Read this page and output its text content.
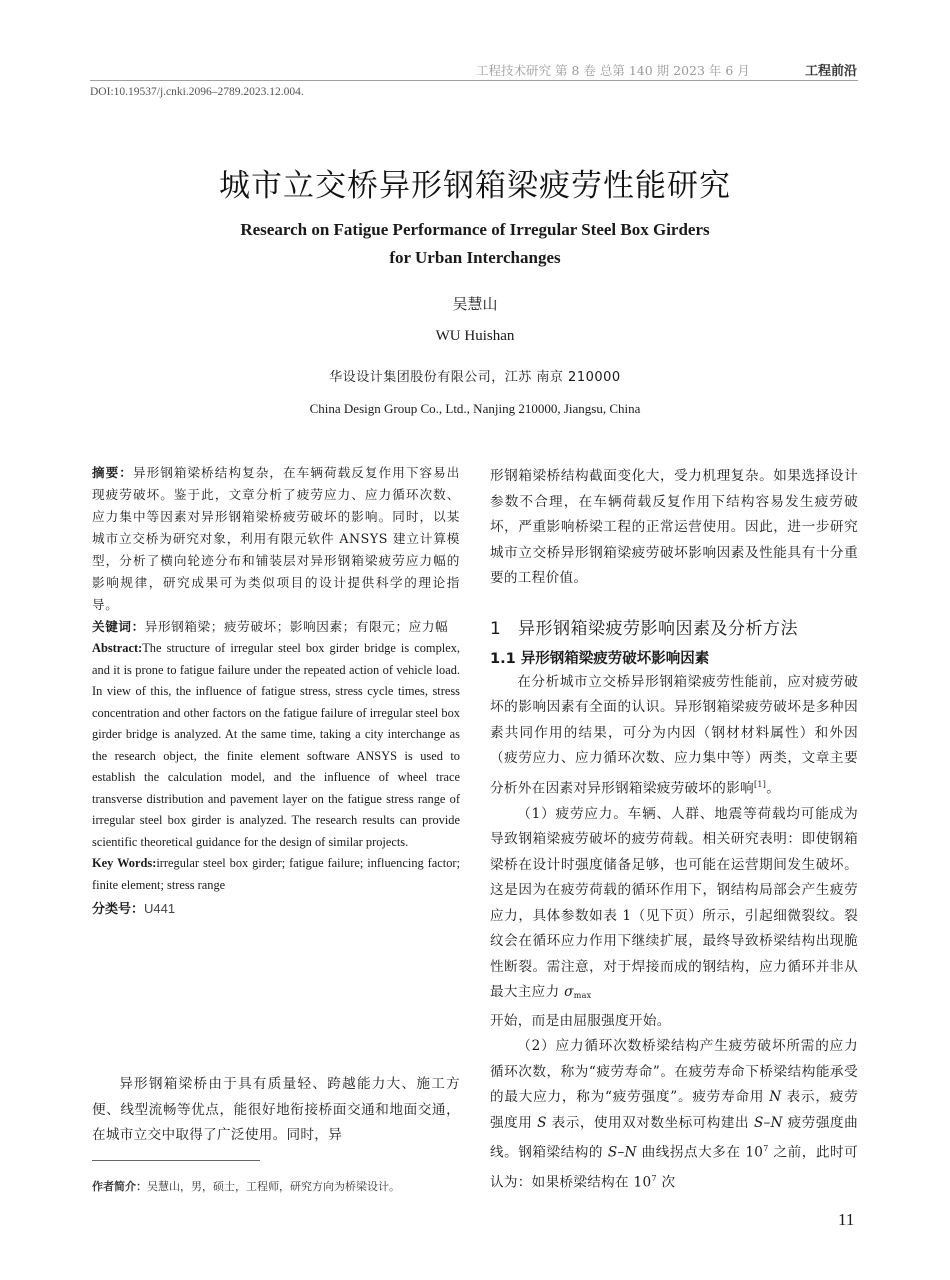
工程技术研究 第 8 卷 总第 140 期 2023 年 6 月	工程前沿
DOI:10.19537/j.cnki.2096–2789.2023.12.004.
城市立交桥异形钢箱梁疲劳性能研究
Research on Fatigue Performance of Irregular Steel Box Girders
for Urban Interchanges
吴慧山
WU Huishan
华设设计集团股份有限公司，江苏 南京 210000
China Design Group Co., Ltd., Nanjing 210000, Jiangsu, China

摘要：异形钢箱梁桥结构复杂，在车辆荷载反复作用下容易出现疲劳破坏。鉴于此，文章分析了疲劳应力、应力循环次数、应力集中等因素对异形钢箱梁桥疲劳破坏的影响。同时，以某城市立交桥为研究对象，利用有限元软件 ANSYS 建立计算模型，分析了横向轮迹分布和铺装层对异形钢箱梁疲劳应力幅的影响规律，研究成果可为类似项目的设计提供科学的理论指导。

关键词：异形钢箱梁；疲劳破坏；影响因素；有限元；应力幅

Abstract:The structure of irregular steel box girder bridge is complex, and it is prone to fatigue failure under the repeated action of vehicle load. In view of this, the influence of fatigue stress, stress cycle times, stress concentration and other factors on the fatigue failure of irregular steel box girder bridge is analyzed. At the same time, taking a city interchange as the research object, the finite element software ANSYS is used to establish the calculation model, and the influence of wheel trace transverse distribution and pavement layer on the fatigue stress range of irregular steel box girder is analyzed. The research results can provide scientific theoretical guidance for the design of similar projects.

Key Words:irregular steel box girder; fatigue failure; influencing factor; finite element; stress range

分类号：U441

异形钢箱梁桥由于具有质量轻、跨越能力大、施工方便、线型流畅等优点，能很好地衔接桥面交通和地面交通，在城市立交中取得了广泛使用。同时，异

作者简介：吴慧山，男，硕士，工程师，研究方向为桥梁设计。

形钢箱梁桥结构截面变化大，受力机理复杂。如果选择设计参数不合理，在车辆荷载反复作用下结构容易发生疲劳破坏，严重影响桥梁工程的正常运营使用。因此，进一步研究城市立交桥异形钢箱梁疲劳破坏影响因素及性能具有十分重要的工程价值。

1 异形钢箱梁疲劳影响因素及分析方法
1.1 异形钢箱梁疲劳破坏影响因素

在分析城市立交桥异形钢箱梁疲劳性能前，应对疲劳破坏的影响因素有全面的认识。异形钢箱梁疲劳破坏是多种因素共同作用的结果，可分为内因（钢材材料属性）和外因（疲劳应力、应力循环次数、应力集中等）两类，文章主要分析外在因素对异形钢箱梁疲劳破坏的影响[1]。

（1）疲劳应力。车辆、人群、地震等荷载均可能成为导致钢箱梁疲劳破坏的疲劳荷载。相关研究表明：即使钢箱梁桥在设计时强度储备足够，也可能在运营期间发生破坏。这是因为在疲劳荷载的循环作用下，钢结构局部会产生疲劳应力，具体参数如表 1（见下页）所示，引起细微裂纹。裂纹会在循环应力作用下继续扩展，最终导致桥梁结构出现脆性断裂。需注意，对于焊接而成的钢结构，应力循环并非从最大主应力 $\sigma_{max}$
开始，而是由屈服强度开始。

（2）应力循环次数桥梁结构产生疲劳破坏所需的应力循环次数，称为“疲劳寿命”。在疲劳寿命下桥梁结构能承受的最大应力，称为“疲劳强度”。疲劳寿命用 N 表示，疲劳强度用 S 表示，使用双对数坐标可构建出 S–N 疲劳强度曲线。钢箱梁结构的 S–N 曲线拐点大多在 $10^7$ 之前，此时可认为：如果桥梁结构在 $10^7$ 次

11
